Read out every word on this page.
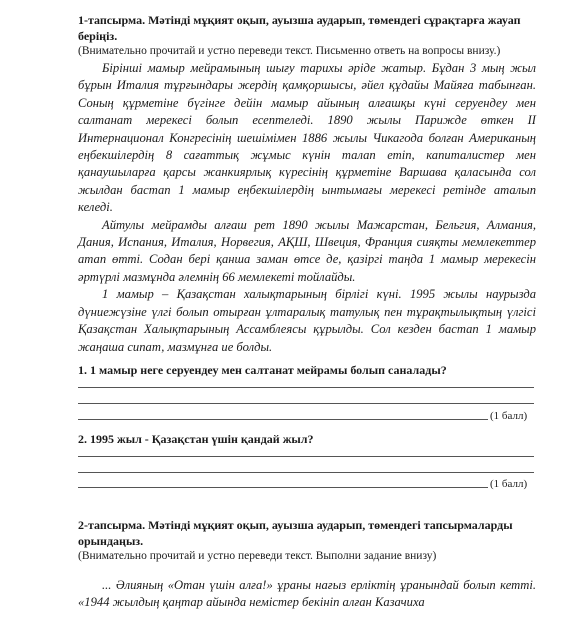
1-тапсырма. Мәтінді мұқият оқып, ауызша аударып, төмендегі сұрақтарға жауап беріңіз.
(Внимательно прочитай и устно переведи текст. Письменно ответь на вопросы внизу.)

Бірінші мамыр мейрамының шығу тарихы әріде жатыр. Бұдан 3 мың жыл бұрын Италия тұрғындары жердің қамқоршысы, әйел құдайы Майяға табынған. Соның құрметіне бүгінге дейін мамыр айының алғашқы күні серуендеу мен салтанат мерекесі болып есептеледі. 1890 жылы Парижде өткен II Интернационал Конгресінің шешімімен 1886 жылы Чикагода болған Американың еңбекшілердің 8 сағаттық жұмыс күнін талап етіп, капиталистер мен қанаушыларға қарсы жанкиярлық күресінің құрметіне Варшава қаласында сол жылдан бастап 1 мамыр еңбекшілердің ынтымағы мерекесі ретінде аталып келеді.

Айтулы мейрамды алғаш рет 1890 жылы Мажарстан, Бельгия, Алмания, Дания, Испания, Италия, Норвегия, АҚШ, Швеция, Франция сияқты мемлекеттер атап өтті. Содан бері қанша заман өтсе де, қазіргі таңда 1 мамыр мерекесін әртүрлі мазмұнда әлемнің 66 мемлекеті тойлайды.

1 мамыр – Қазақстан халықтарының бірлігі күні. 1995 жылы наурызда дүниежүзіне үлгі болып отырған ұлтаралық татулық пен тұрақтылықтың үлгісі Қазақстан Халықтарының Ассамблеясы құрылды. Сол кезден бастап 1 мамыр жаңаша сипат, мазмұнға ие болды.

1. 1 мамыр неге серуендеу мен салтанат мейрамы болып саналады?
(1 балл)
2. 1995 жыл - Қазақстан үшін қандай жыл?
(1 балл)
2-тапсырма. Мәтінді мұқият оқып, ауызша аударып, төмендегі тапсырмаларды орындаңыз.
(Внимательно прочитай и устно переведи текст. Выполни задание внизу)

... Әлияның «Отан үшін алға!» ұраны нағыз ерліктің ұранындай болып кетті. «1944 жылдың қаңтар айында немістер бекініп алған Казачиха
